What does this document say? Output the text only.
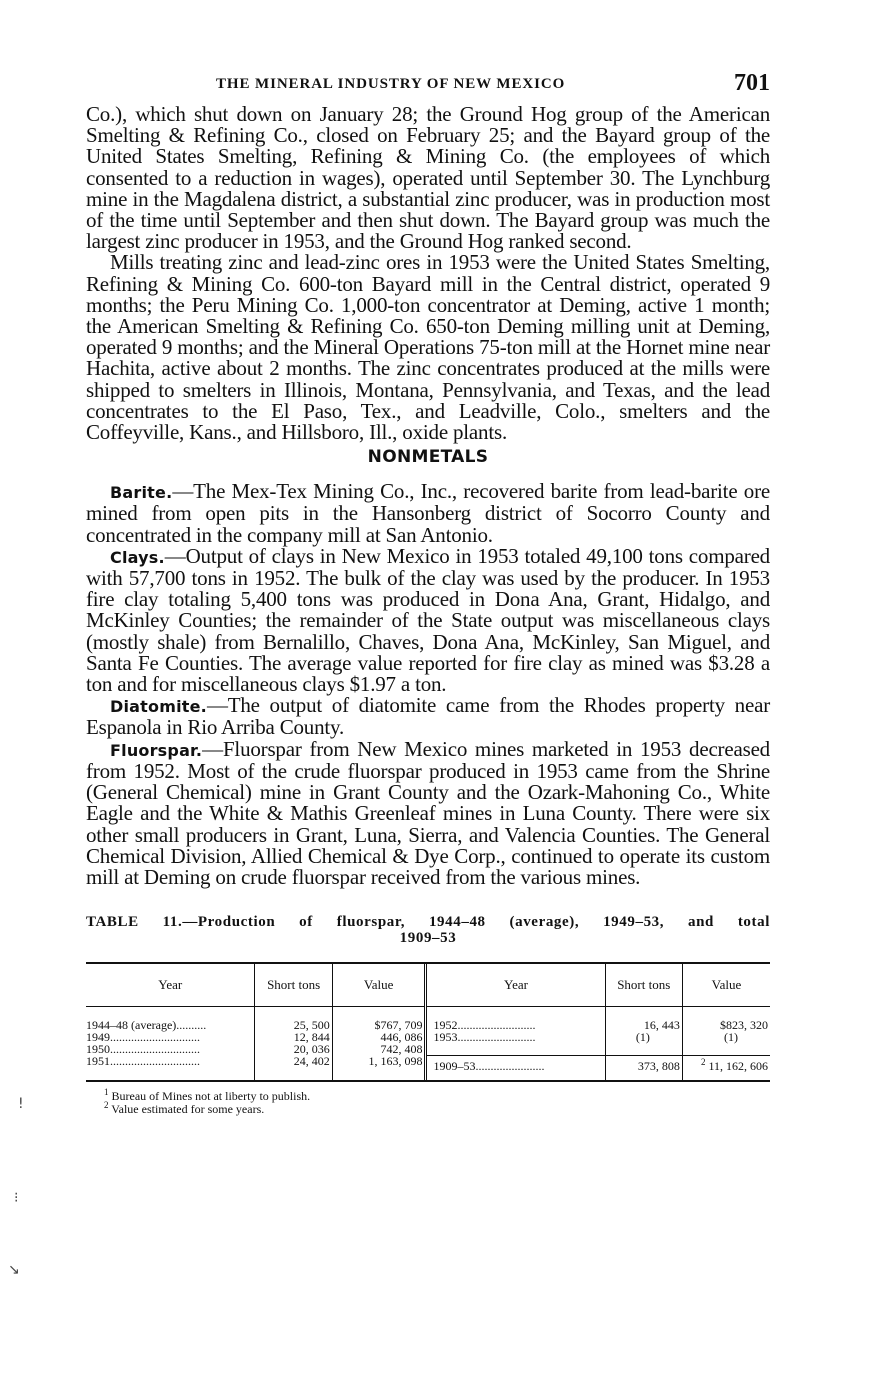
!
⁝
↘
THE MINERAL INDUSTRY OF NEW MEXICO	701

Co.), which shut down on January 28; the Ground Hog group of the American Smelting & Refining Co., closed on February 25; and the Bayard group of the United States Smelting, Refining & Mining Co. (the employees of which consented to a reduction in wages), operated until September 30. The Lynchburg mine in the Magdalena district, a substantial zinc producer, was in production most of the time until September and then shut down. The Bayard group was much the largest zinc producer in 1953, and the Ground Hog ranked second.

Mills treating zinc and lead-zinc ores in 1953 were the United States Smelting, Refining & Mining Co. 600-ton Bayard mill in the Central district, operated 9 months; the Peru Mining Co. 1,000-ton concentrator at Deming, active 1 month; the American Smelting & Refining Co. 650-ton Deming milling unit at Deming, operated 9 months; and the Mineral Operations 75-ton mill at the Hornet mine near Hachita, active about 2 months. The zinc concentrates produced at the mills were shipped to smelters in Illinois, Montana, Pennsylvania, and Texas, and the lead concentrates to the El Paso, Tex., and Leadville, Colo., smelters and the Coffeyville, Kans., and Hillsboro, Ill., oxide plants.

NONMETALS

Barite.—The Mex-Tex Mining Co., Inc., recovered barite from lead-barite ore mined from open pits in the Hansonberg district of Socorro County and concentrated in the company mill at San Antonio.

Clays.—Output of clays in New Mexico in 1953 totaled 49,100 tons compared with 57,700 tons in 1952. The bulk of the clay was used by the producer. In 1953 fire clay totaling 5,400 tons was produced in Dona Ana, Grant, Hidalgo, and McKinley Counties; the remainder of the State output was miscellaneous clays (mostly shale) from Bernalillo, Chaves, Dona Ana, McKinley, San Miguel, and Santa Fe Counties. The average value reported for fire clay as mined was $3.28 a ton and for miscellaneous clays $1.97 a ton.

Diatomite.—The output of diatomite came from the Rhodes property near Espanola in Rio Arriba County.

Fluorspar.—Fluorspar from New Mexico mines marketed in 1953 decreased from 1952. Most of the crude fluorspar produced in 1953 came from the Shrine (General Chemical) mine in Grant County and the Ozark-Mahoning Co., White Eagle and the White & Mathis Greenleaf mines in Luna County. There were six other small producers in Grant, Luna, Sierra, and Valencia Counties. The General Chemical Division, Allied Chemical & Dye Corp., continued to operate its custom mill at Deming on crude fluorspar received from the various mines.

TABLE 11.—Production of fluorspar, 1944–48 (average), 1949–53, and total
1909–53
Year	Short tons	Value	Year	Short tons	Value
1944–48 (average)..........	25, 500	$767, 709	1952..........................	16, 443	$823, 320
1949..............................	12, 844	446, 086	1953..........................	(1)	(1)
1950..............................	20, 036	742, 408			
1951..............................	24, 402	1, 163, 098	1909–53.......................	373, 808	$^2$ 11, 162, 606
$^1$ Bureau of Mines not at liberty to publish.
$^2$ Value estimated for some years.
